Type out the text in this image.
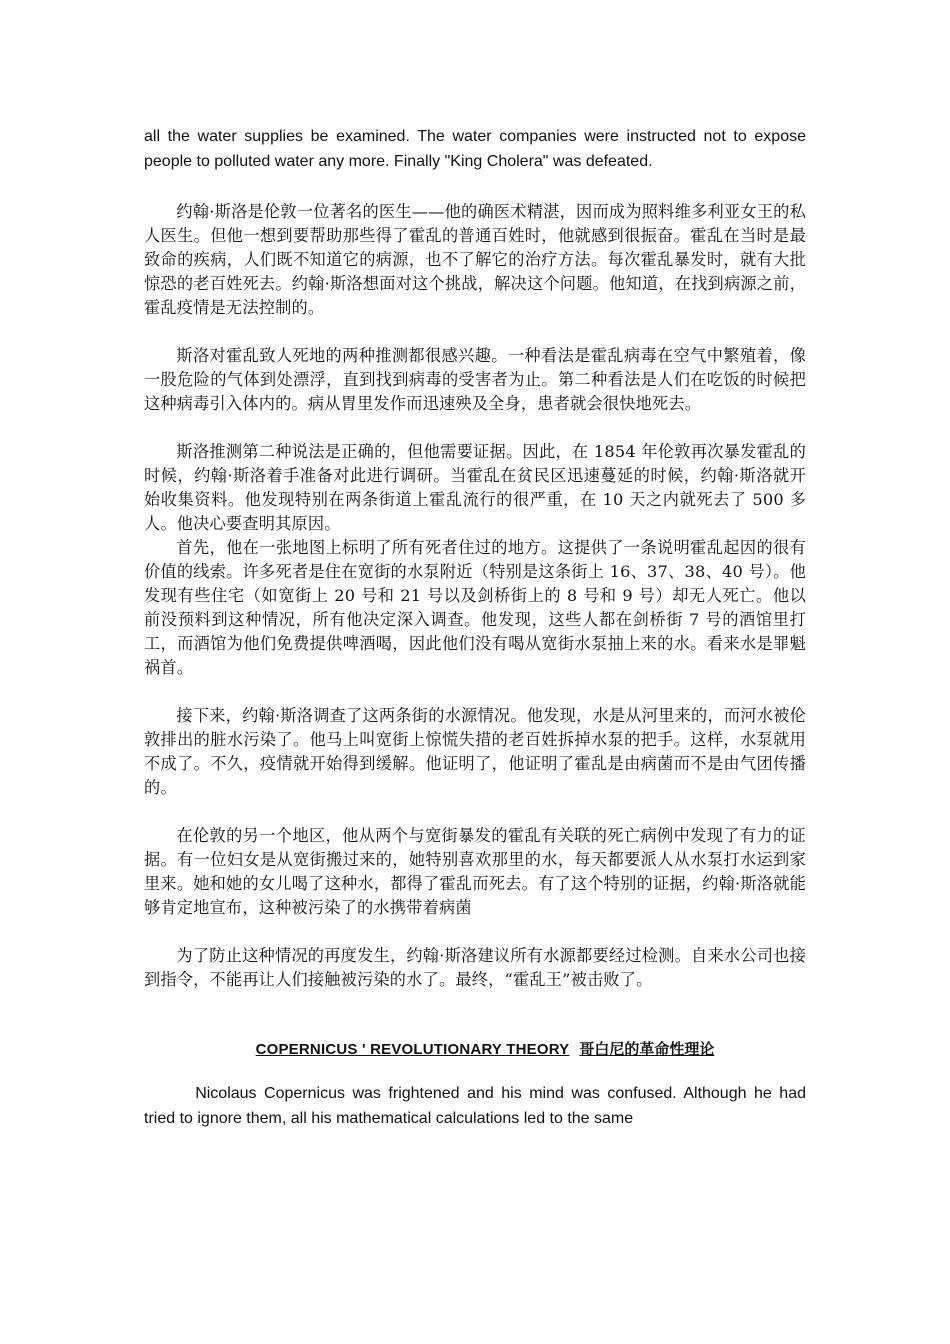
all the water supplies be examined. The water companies were instructed not to expose people to polluted water any more. Finally "King Cholera" was defeated.

约翰·斯洛是伦敦一位著名的医生——他的确医术精湛，因而成为照料维多利亚女王的私人医生。但他一想到要帮助那些得了霍乱的普通百姓时，他就感到很振奋。霍乱在当时是最致命的疾病，人们既不知道它的病源，也不了解它的治疗方法。每次霍乱暴发时，就有大批惊恐的老百姓死去。约翰·斯洛想面对这个挑战，解决这个问题。他知道，在找到病源之前，霍乱疫情是无法控制的。

斯洛对霍乱致人死地的两种推测都很感兴趣。一种看法是霍乱病毒在空气中繁殖着，像一股危险的气体到处漂浮，直到找到病毒的受害者为止。第二种看法是人们在吃饭的时候把这种病毒引入体内的。病从胃里发作而迅速殃及全身，患者就会很快地死去。

斯洛推测第二种说法是正确的，但他需要证据。因此，在 1854 年伦敦再次暴发霍乱的时候，约翰·斯洛着手准备对此进行调研。当霍乱在贫民区迅速蔓延的时候，约翰·斯洛就开始收集资料。他发现特别在两条街道上霍乱流行的很严重，在 10 天之内就死去了 500 多人。他决心要查明其原因。

首先，他在一张地图上标明了所有死者住过的地方。这提供了一条说明霍乱起因的很有价值的线索。许多死者是住在宽街的水泵附近（特别是这条街上 16、37、38、40 号）。他发现有些住宅（如宽街上 20 号和 21 号以及剑桥街上的 8 号和 9 号）却无人死亡。他以前没预料到这种情况，所有他决定深入调查。他发现，这些人都在剑桥街 7 号的酒馆里打工，而酒馆为他们免费提供啤酒喝，因此他们没有喝从宽街水泵抽上来的水。看来水是罪魁祸首。

接下来，约翰·斯洛调查了这两条街的水源情况。他发现，水是从河里来的，而河水被伦敦排出的脏水污染了。他马上叫宽街上惊慌失措的老百姓拆掉水泵的把手。这样，水泵就用不成了。不久，疫情就开始得到缓解。他证明了，他证明了霍乱是由病菌而不是由气团传播的。

在伦敦的另一个地区，他从两个与宽街暴发的霍乱有关联的死亡病例中发现了有力的证据。有一位妇女是从宽街搬过来的，她特别喜欢那里的水，每天都要派人从水泵打水运到家里来。她和她的女儿喝了这种水，都得了霍乱而死去。有了这个特别的证据，约翰·斯洛就能够肯定地宣布，这种被污染了的水携带着病菌

为了防止这种情况的再度发生，约翰·斯洛建议所有水源都要经过检测。自来水公司也接到指令，不能再让人们接触被污染的水了。最终，“霍乱王”被击败了。

COPERNICUS ' REVOLUTIONARY THEORY 哥白尼的革命性理论

Nicolaus Copernicus was frightened and his mind was confused. Although he had tried to ignore them, all his mathematical calculations led to the same
